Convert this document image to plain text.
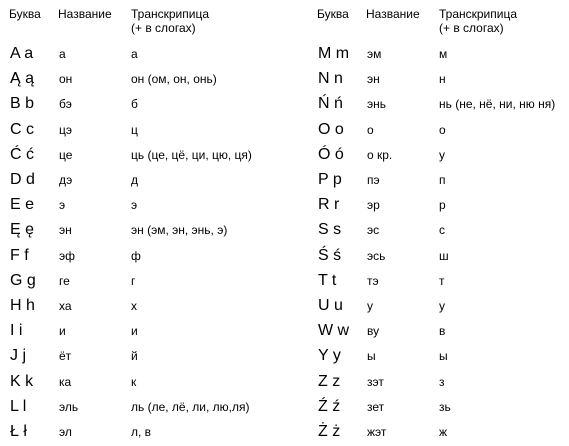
Буква Название Транскрипица
(+ в слогах)
A a а	а
Ą ą он	он (ом, он, онь)
B b бэ	б
C c цэ	ц
Ć ć це	ць (це, цё, ци, цю, ця)
D d дэ	д
E e э	э
Ę ę эн	эн (эм, эн, энь, э)
F f	эф	ф
G g ге	г
H h ха	х
I i	и	и
J j	ёт	й
K k ка	к
L l	эль	ль (ле, лё, ли, лю,ля)
Ł ł	эл	л, в
Буква Название Транскрипица
(+ в слогах)
M m эм	м
N n эн	н
Ń ń энь	нь (не, нё, ни, ню ня)
O o о	о
Ó ó о кр.	у
P p пэ	п
R r эр	р
S s эс	с
Ś ś эсь	ш
T t	тэ	т
U u у	у
W w ву	в
Y y ы	ы
Z z зэт	з
Ź ź зет	зь
Ż ż жэт	ж
